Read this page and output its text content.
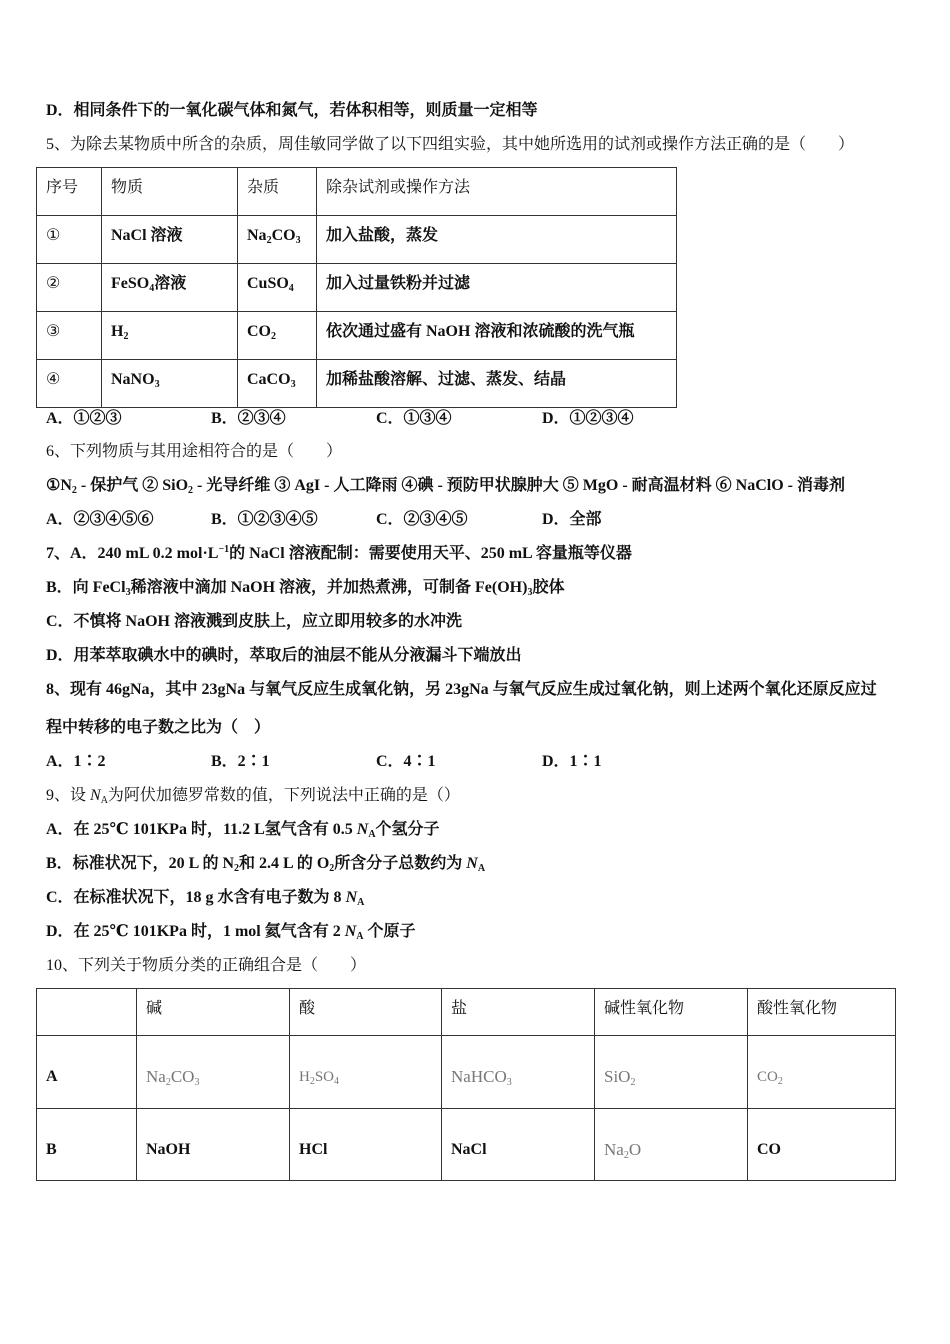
D．相同条件下的一氧化碳气体和氮气，若体积相等，则质量一定相等
5、为除去某物质中所含的杂质，周佳敏同学做了以下四组实验，其中她所选用的试剂或操作方法正确的是（　　）
序号	物质	杂质	除杂试剂或操作方法
①	NaCl 溶液	$Na_2CO_3$	加入盐酸，蒸发
②	FeSO$_4$溶液	CuSO$_4$	加入过量铁粉并过滤
③	$H_2$	$CO_2$	依次通过盛有 NaOH 溶液和浓硫酸的洗气瓶
④	NaNO$_3$	CaCO$_3$	加稀盐酸溶解、过滤、蒸发、结晶
A．①②③	B．②③④	C．①③④	D．①②③④
6、下列物质与其用途相符合的是（　　）
$①N_2$ - 保护气 ② SiO$_2$ - 光导纤维 ③ AgI - 人工降雨 ④碘 - 预防甲状腺肿大 ⑤ MgO - 耐高温材料 ⑥ NaClO - 消毒剂
A．②③④⑤⑥	B．①②③④⑤	C．②③④⑤	D．全部
7、A．240 mL 0.2 $mol\cdot L^{-1}$的 NaCl 溶液配制：需要使用天平、250 mL 容量瓶等仪器
B．向 FeCl$_3$稀溶液中滴加 NaOH 溶液，并加热煮沸，可制备 $Fe(OH)_3$胶体
C．不慎将 NaOH 溶液溅到皮肤上，应立即用较多的水冲洗
D．用苯萃取碘水中的碘时，萃取后的油层不能从分液漏斗下端放出
8、现有 46gNa，其中 23gNa 与氧气反应生成氧化钠，另 23gNa 与氧气反应生成过氧化钠，则上述两个氧化还原反应过
程中转移的电子数之比为（　）
A．1∶2	B．2∶1	C．4∶1	D．1∶1
9、设 $N_A$为阿伏加德罗常数的值，下列说法中正确的是（）
A．在 25℃ 101KPa 时，11.2 L氢气含有 0.5 $N_A$个氢分子
B．标准状况下，20 L 的 $N_2$和 2.4 L 的 $O_2$所含分子总数约为 $N_A$
C．在标准状况下，18 g 水含有电子数为 8 $N_A$
D．在 25℃ 101KPa 时，1 mol 氦气含有 2 $N_A$ 个原子
10、下列关于物质分类的正确组合是（　　）
	碱	酸	盐	碱性氧化物	酸性氧化物
A	$Na_2CO_3$	$H_2SO_4$	NaHCO$_3$	SiO$_2$	$CO_2$
B	NaOH	HCl	NaCl	$Na_2O$	CO
